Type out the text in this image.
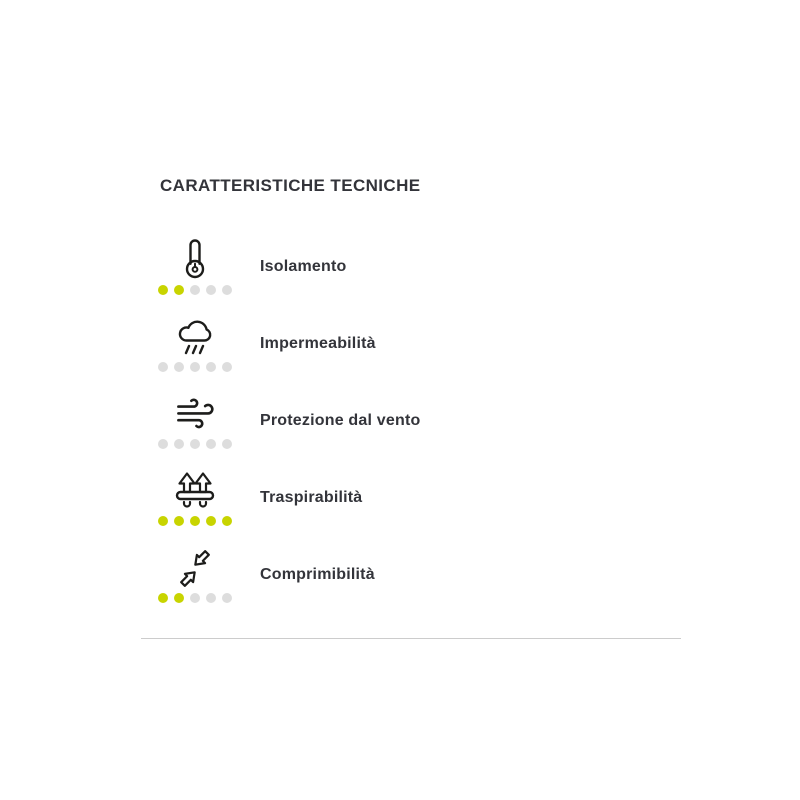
CARATTERISTICHE TECNICHE
Isolamento
Impermeabilità
Protezione dal vento
Traspirabilità
Comprimibilità
